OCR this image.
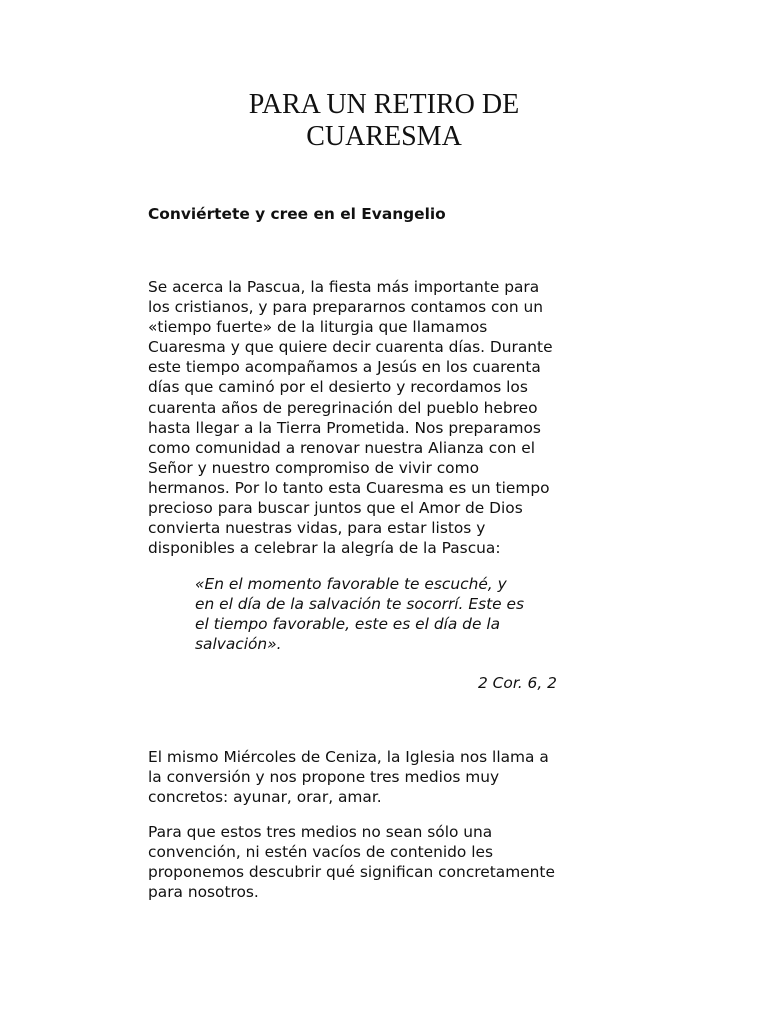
PARA UN RETIRO DE
CUARESMA
Conviértete y cree en el Evangelio
Se acerca la Pascua, la fiesta más importante para
los cristianos, y para prepararnos contamos con un
«tiempo fuerte» de la liturgia que llamamos
Cuaresma y que quiere decir cuarenta días. Durante
este tiempo acompañamos a Jesús en los cuarenta
días que caminó por el desierto y recordamos los
cuarenta años de peregrinación del pueblo hebreo
hasta llegar a la Tierra Prometida. Nos preparamos
como comunidad a renovar nuestra Alianza con el
Señor y nuestro compromiso de vivir como
hermanos. Por lo tanto esta Cuaresma es un tiempo
precioso para buscar juntos que el Amor de Dios
convierta nuestras vidas, para estar listos y
disponibles a celebrar la alegría de la Pascua:
«En el momento favorable te escuché, y
en el día de la salvación te socorrí. Este es
el tiempo favorable, este es el día de la
salvación».
2 Cor. 6, 2
El mismo Miércoles de Ceniza, la Iglesia nos llama a
la conversión y nos propone tres medios muy
concretos: ayunar, orar, amar.
Para que estos tres medios no sean sólo una
convención, ni estén vacíos de contenido les
proponemos descubrir qué significan concretamente
para nosotros.
